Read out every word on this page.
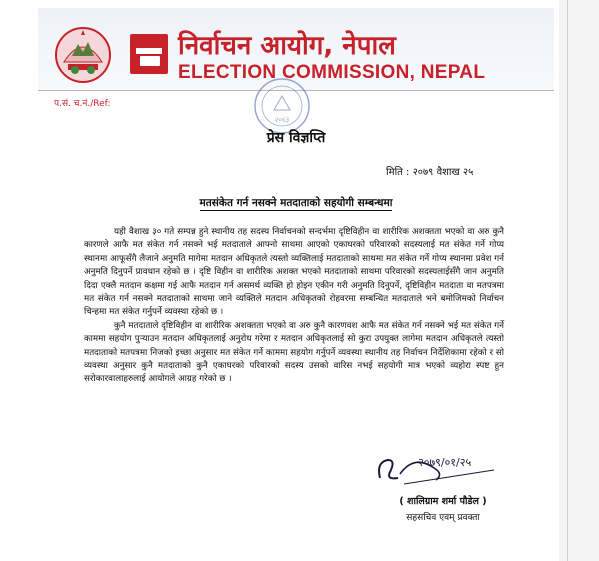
निर्वाचन आयोग, नेपाल
ELECTION COMMISSION, NEPAL
प.सं. च.नं./Ref:
२०६३
प्रेस विज्ञप्ति
मिति : २०७९ वैशाख २५
मतसंकेत गर्न नसक्ने मतदाताको सहयोगी सम्बन्धमा

यही वैशाख ३० गते सम्पन्न हुने स्थानीय तह सदस्य निर्वाचनको सन्दर्भमा दृष्टिविहीन वा शारीरिक अशक्तता भएको वा अरु कुनै कारणले आफै मत संकेत गर्न नसक्ने भई मतदाताले आफ्नो साथमा आएको एकाघरको परिवारको सदस्यलाई मत संकेत गर्ने गोप्य स्थानमा आफूसँगै लैजाने अनुमति मागेमा मतदान अधिकृतले त्यस्तो व्यक्तिलाई मतदाताको साथमा मत संकेत गर्ने गोप्य स्थानमा प्रवेश गर्न अनुमति दिनुपर्ने प्रावधान रहेको छ । दृष्टि विहीन वा शारीरिक अशक्त भएको मतदाताको साथमा परिवारको सदस्यलाईसँगै जान अनुमति दिदा एक्लै मतदान कक्षमा गई आफै मतदान गर्न असमर्थ व्यक्ति हो होइन एकीन गरी अनुमति दिनुपर्ने, दृष्टिविहीन मतदाता वा मतपत्रमा मत संकेत गर्न नसक्ने मतदाताको साथमा जाने व्यक्तिले मतदान अधिकृतको रोहवरमा सम्बन्धित मतदाताले भने बमोजिमको निर्वाचन चिन्हमा मत संकेत गर्नुपर्ने व्यवस्था रहेको छ ।

कुनै मतदाताले दृष्टिविहीन वा शारीरिक अशक्तता भएको वा अरु कुनै कारणवश आफै मत संकेत गर्न नसक्ने भई मत संकेत गर्ने काममा सहयोग पुऱ्याउन मतदान अधिकृतलाई अनुरोध गरेमा र मतदान अधिकृतलाई सो कुरा उपयुक्त लागेमा मतदान अधिकृतले त्यस्तो मतदाताको मतपत्रमा निजको इच्छा अनुसार मत संकेत गर्ने काममा सहयोग गर्नुपर्ने व्यवस्था स्थानीय तह निर्वाचन निर्देशिकामा रहेको र सो व्यवस्था अनुसार कुनै मतदाताको कुनै एकाघरको परिवारको सदस्य उसको वारिस नभई सहयोगी मात्र भएको व्यहोरा स्पष्ट हुन सरोकारवालाहरुलाई आयोगले आग्रह गरेको छ ।

२०७९/०१/२५
( शालिग्राम शर्मा पौडेल )
सहसचिव एवम् प्रवक्ता
